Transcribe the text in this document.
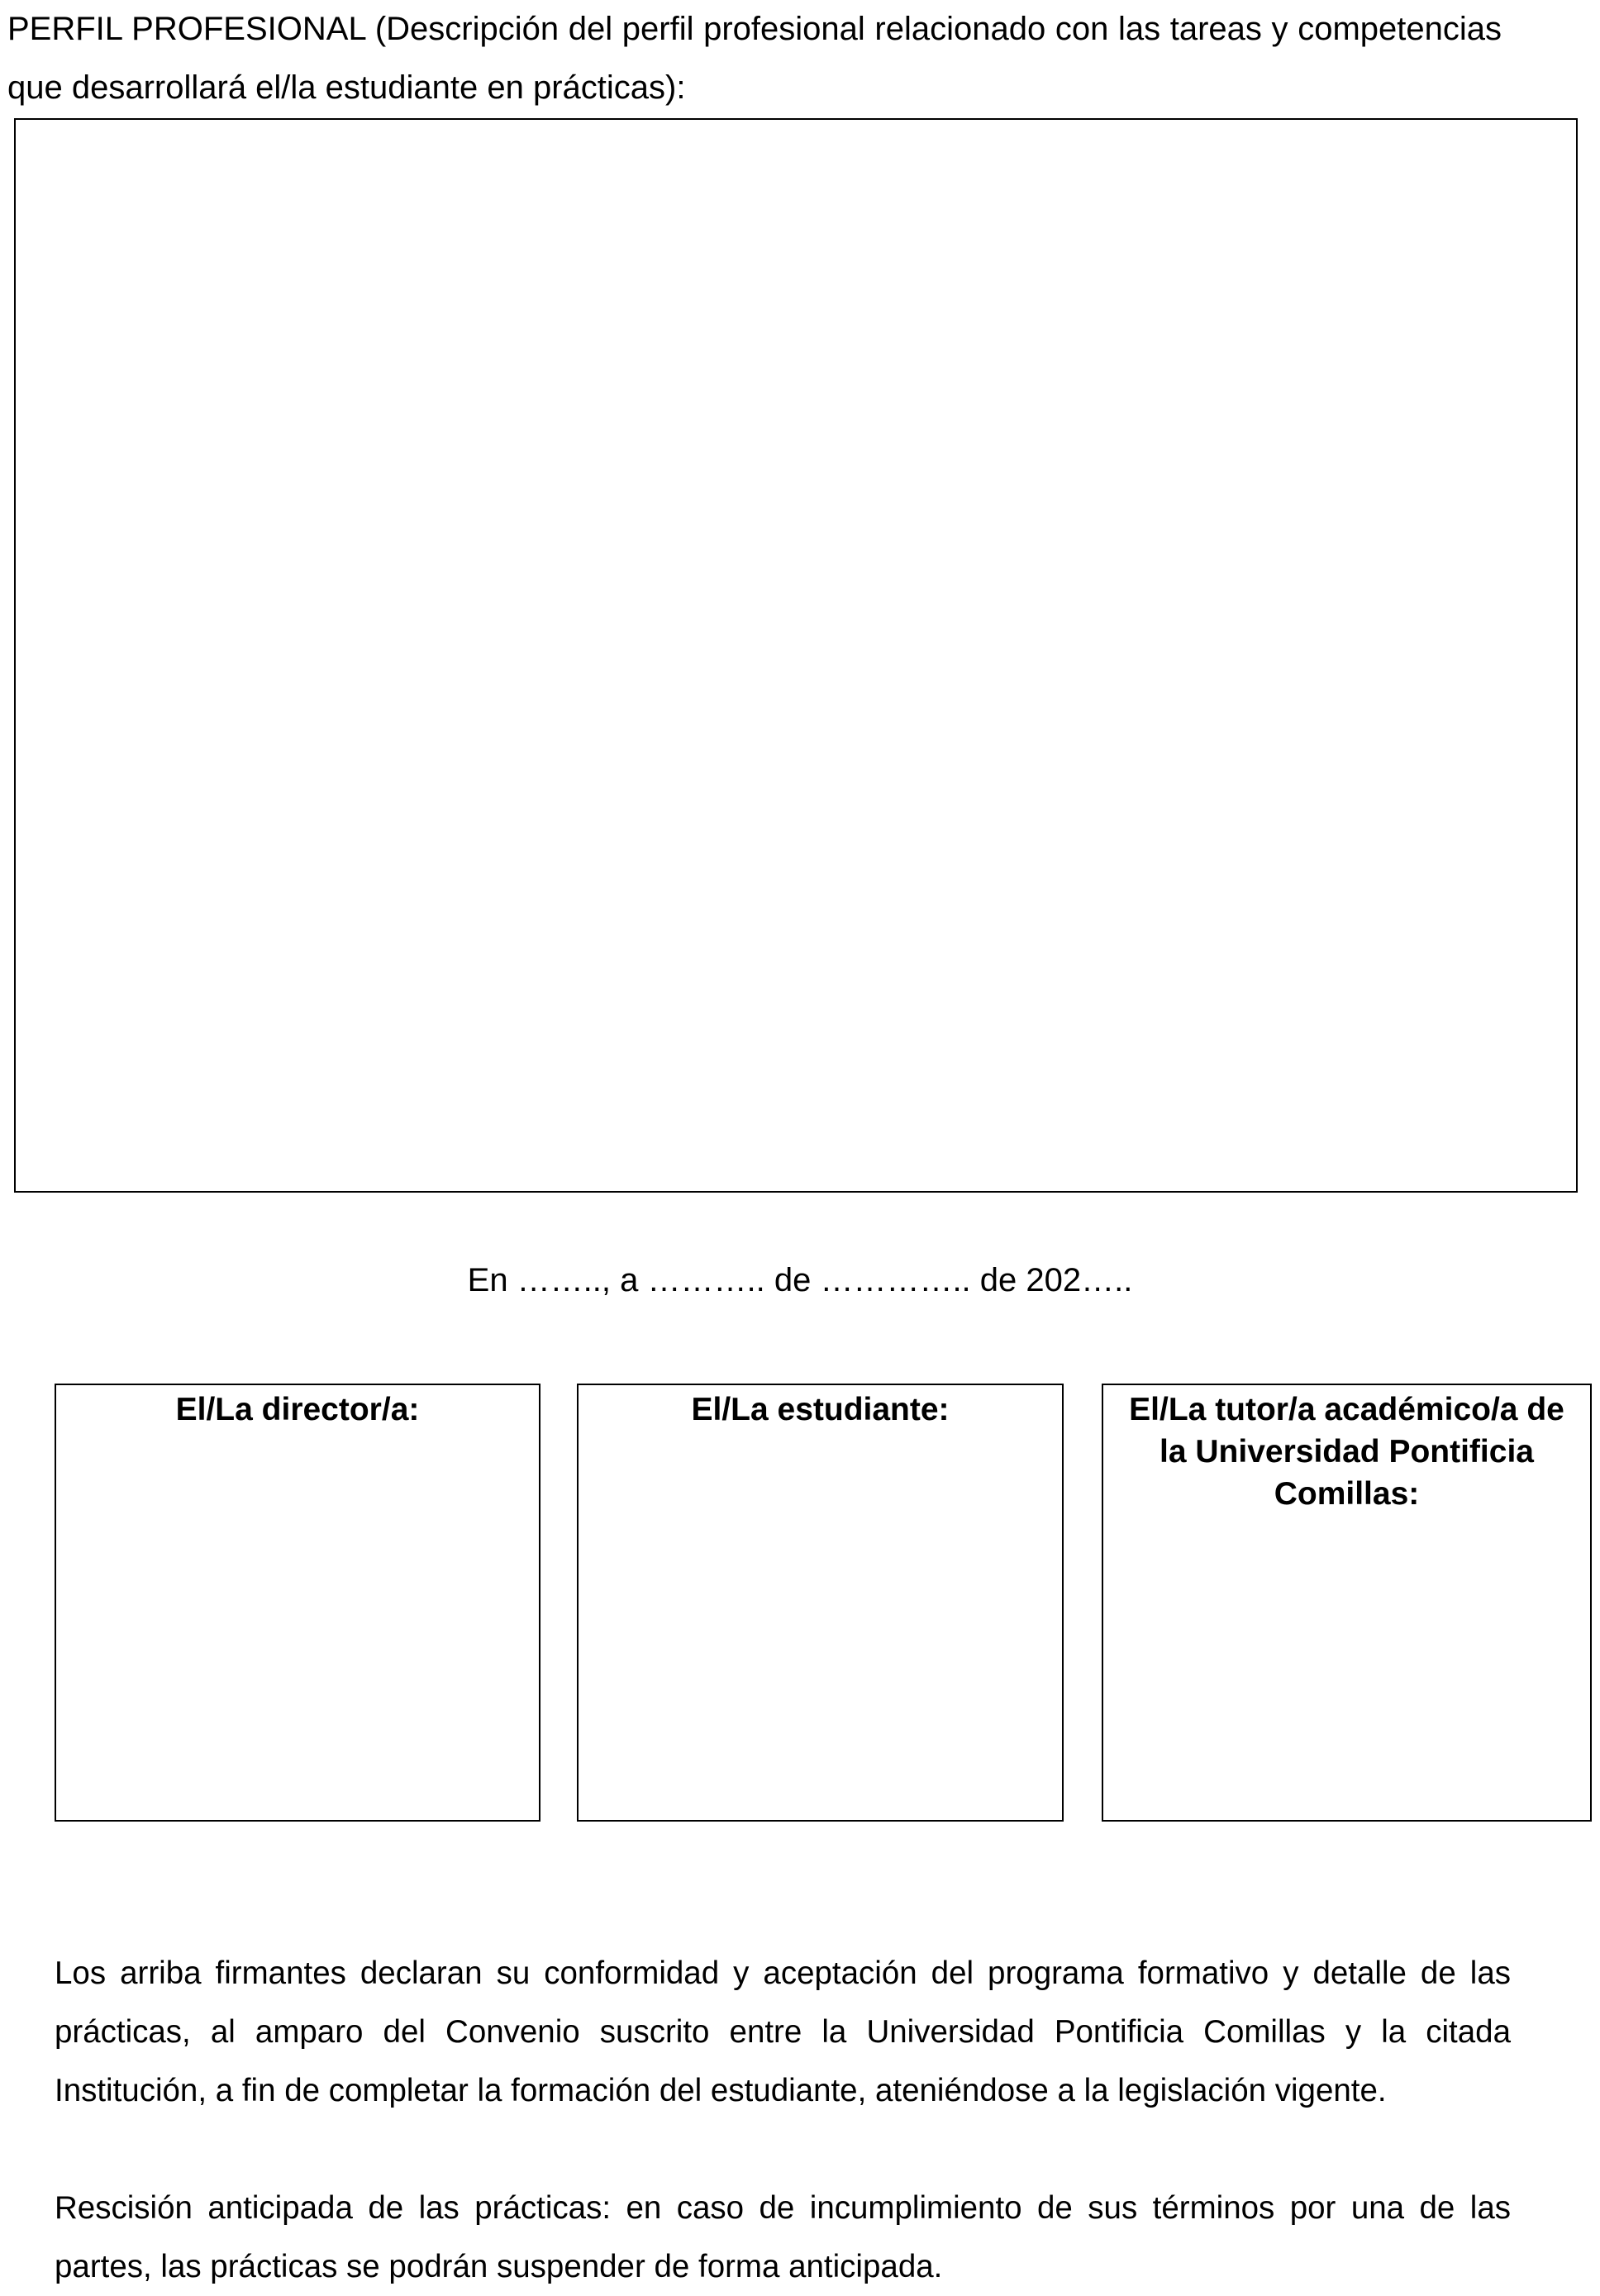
PERFIL PROFESIONAL (Descripción del perfil profesional relacionado con las tareas y competencias que desarrollará el/la estudiante en prácticas):

En …….., a ……….. de ………….. de 202…..

El/La director/a:	El/La estudiante:	El/La tutor/a académico/a de la Universidad Pontificia Comillas:

Los arriba firmantes declaran su conformidad y aceptación del programa formativo y detalle de las prácticas, al amparo del Convenio suscrito entre la Universidad Pontificia Comillas y la citada Institución, a fin de completar la formación del estudiante, ateniéndose a la legislación vigente.

Rescisión anticipada de las prácticas: en caso de incumplimiento de sus términos por una de las partes, las prácticas se podrán suspender de forma anticipada.
